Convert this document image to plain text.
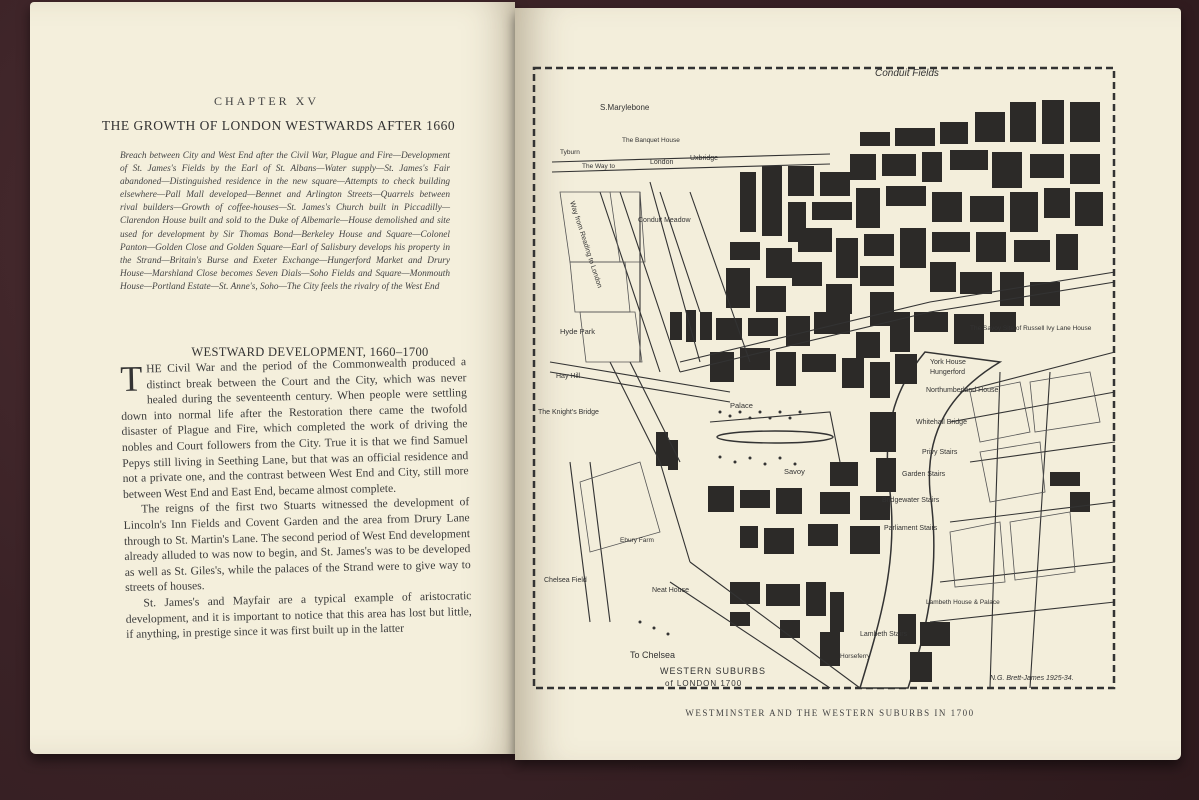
CHAPTER XV
THE GROWTH OF LONDON WESTWARDS AFTER 1660
Breach between City and West End after the Civil War, Plague and Fire—Development of St. James's Fields by the Earl of St. Albans—Water supply—St. James's Fair abandoned—Distinguished residence in the new square—Attempts to check building elsewhere—Pall Mall developed—Bennet and Arlington Streets—Quarrels between rival builders—Growth of coffee-houses—St. James's Church built in Piccadilly—Clarendon House built and sold to the Duke of Albemarle—House demolished and site used for development by Sir Thomas Bond—Berkeley House and Square—Colonel Panton—Golden Close and Golden Square—Earl of Salisbury develops his property in the Strand—Britain's Burse and Exeter Exchange—Hungerford Market and Drury House—Marshland Close becomes Seven Dials—Soho Fields and Square—Monmouth House—Portland Estate—St. Anne's, Soho—The City feels the rivalry of the West End
WESTWARD DEVELOPMENT, 1660–1700

THE Civil War and the period of the Commonwealth produced a distinct break between the Court and the City, which was never healed during the seventeenth century. When people were settling down into normal life after the Restoration there came the twofold disaster of Plague and Fire, which completed the work of driving the nobles and Court followers from the City. True it is that we find Samuel Pepys still living in Seething Lane, but that was an official residence and not a private one, and the contrast between West End and City, still more between West End and East End, became almost complete.

The reigns of the first two Stuarts witnessed the development of Lincoln's Inn Fields and Covent Garden and the area from Drury Lane through to St. Martin's Lane. The second period of West End development already alluded to was now to begin, and St. James's was to be developed as well as St. Giles's, while the palaces of the Strand were to give way to streets of houses.

St. James's and Mayfair are a typical example of aristocratic development, and it is important to notice that this area has lost but little, if anything, in prestige since it was first built up in the latter

Conduit Fields
S.Marylebone
Tyburn
The Banquet House
The Way to
London
Uxbridge
Conduit Meadow
Hyde Park
Hay Hill
Way from Reading to London
The Knight's Bridge
Palace
Savoy
The Savoy Site of Russell Ivy Lane House
York House
Hungerford
Northumberland House
Whitehall Bridge
Privy Stairs
Garden Stairs
Bridgewater Stairs
Parliament Stairs
Chelsea Field
Neat House
Ebury Farm
To Chelsea
Lambeth Stairs
Lambeth House & Palace
Horseferry
WESTERN SUBURBS
of LONDON 1700
N.G. Brett-James 1925-34.
WESTMINSTER AND THE WESTERN SUBURBS IN 1700
